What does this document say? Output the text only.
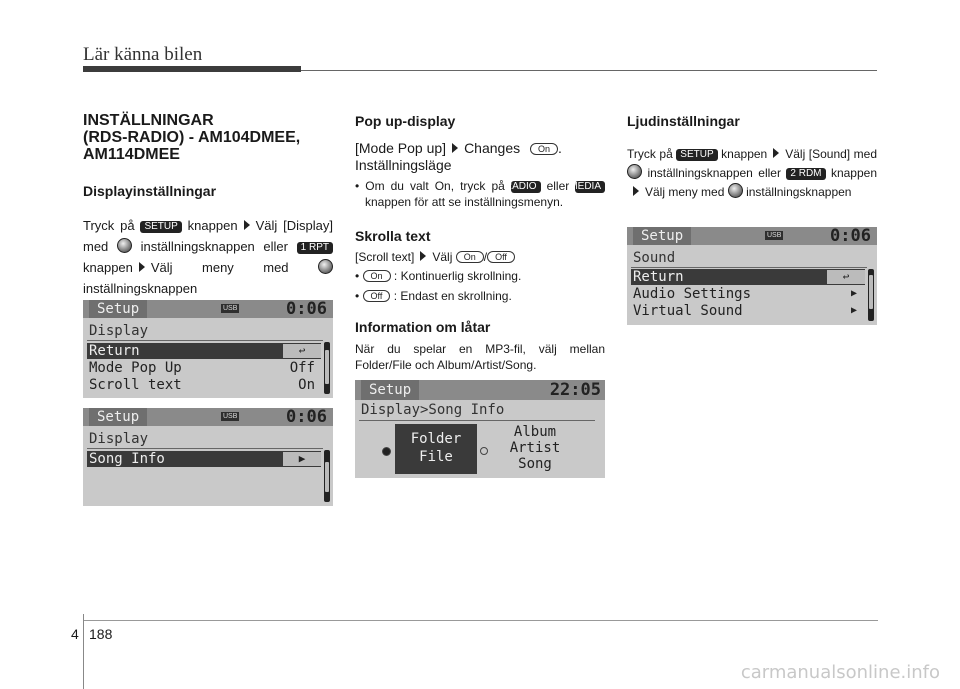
Lär känna bilen

INSTÄLLNINGAR

(RDS-RADIO) - AM104DMEE,

AM114DMEE

Displayinställningar

Tryck på SETUP knappen Välj [Display] med inställningsknappen eller 1 RPT knappen Välj meny med  inställningsknappen

Setup	USB	0:06
Display
Return	↩
Mode Pop Up	Off
Scroll text	On
Setup	USB	0:06
Display
Song Info	▶

Pop up-display

[Mode Pop up] Changes On .

Inställningsläge

• Om du valt On, tryck på RADIO eller MEDIA knappen för att se inställningsmenyn.

Skrolla text

[Scroll text] Välj On / Off

• On : Kontinuerlig skrollning.

• Off : Endast en skrollning.

Information om låtar

När du spelar en MP3-fil, välj mellan Folder/File och Album/Artist/Song.

Setup	22:05
Display>Song Info
Folder
File
Album
Artist
Song

Ljudinställningar

Tryck på SETUP knappen Välj [Sound] med  inställningsknappen eller 2 RDM knappenVälj meny med inställningsknappen

Setup	USB	0:06
Sound
Return	↩
Audio Settings	▶
Virtual Sound	▶
4 188
carmanualsonline.info
